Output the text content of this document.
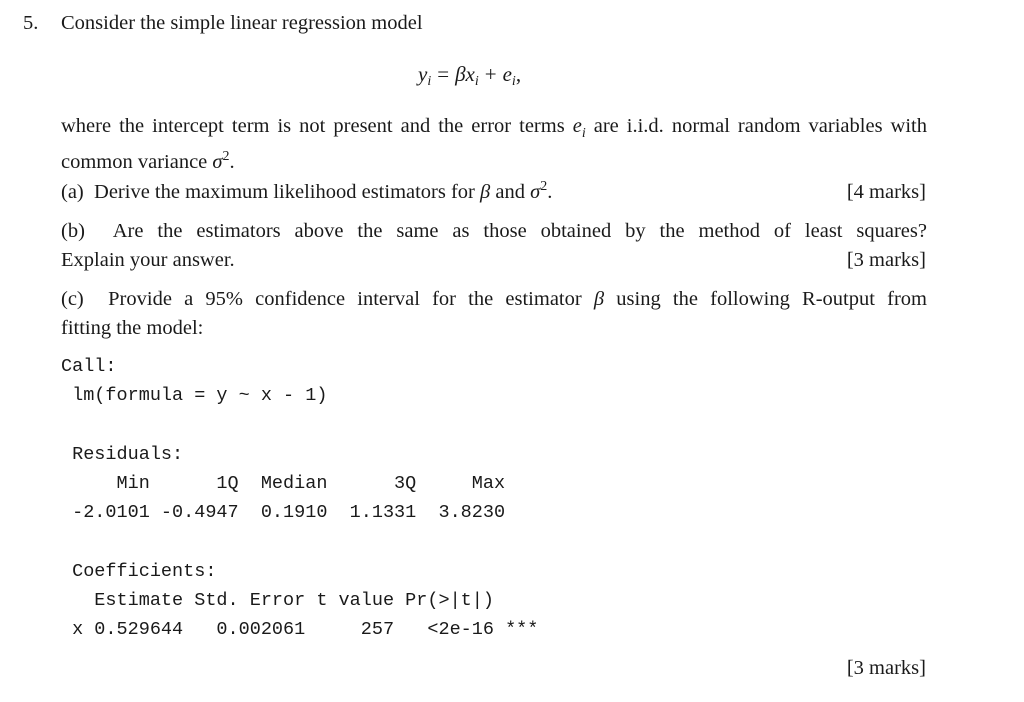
5. Consider the simple linear regression model
$y_i = \beta x_i + e_i$,
where the intercept term is not present and the error terms $e_i$ are i.i.d. normal random variables with common variance $\sigma^2$.
(a) Derive the maximum likelihood estimators for β and $\sigma^2$.	[4 marks]
(b) Are the estimators above the same as those obtained by the method of least squares?
Explain your answer.	[3 marks]
(c) Provide a 95% confidence interval for the estimator β using the following R-output from
fitting the model:
Call:
lm(formula = y ~ x - 1)
Residuals:
Min      1Q  Median      3Q     Max
-2.0101 -0.4947  0.1910  1.1331  3.8230
Coefficients:
Estimate Std. Error t value Pr(>|t|)
x 0.529644   0.002061     257   <2e-16 ***
[3 marks]
